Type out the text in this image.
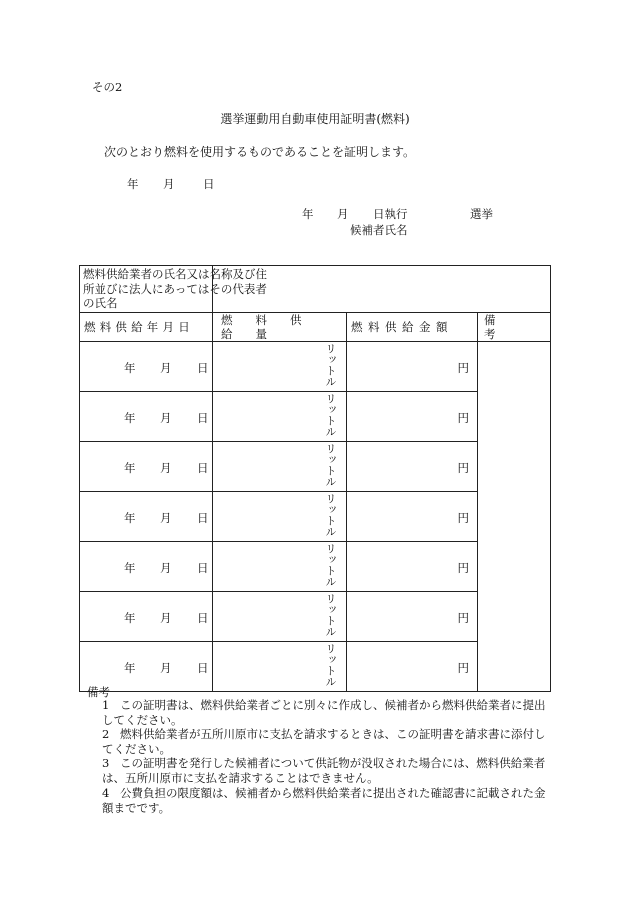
その2
選挙運動用自動車使用証明書(燃料)
次のとおり燃料を使用するものであることを証明します。
年	月	日
年	月	日執行	選挙
候補者氏名
燃料供給業者の氏名又は名称及び住所並びに法人にあってはその代表者の氏名			

燃料供給年月日	燃料供給量	燃料供給金額	備考

年 月 日	リットル	円	

年 月 日	リットル	円	

年 月 日	リットル	円	

年 月 日	リットル	円	

年 月 日	リットル	円	

年 月 日	リットル	円	

年 月 日	リットル	円	
備考
1 この証明書は、燃料供給業者ごとに別々に作成し、候補者から燃料供給業者に提出してください。
2 燃料供給業者が五所川原市に支払を請求するときは、この証明書を請求書に添付してください。
3 この証明書を発行した候補者について供託物が没収された場合には、燃料供給業者は、五所川原市に支払を請求することはできません。
4 公費負担の限度額は、候補者から燃料供給業者に提出された確認書に記載された金額までです。
